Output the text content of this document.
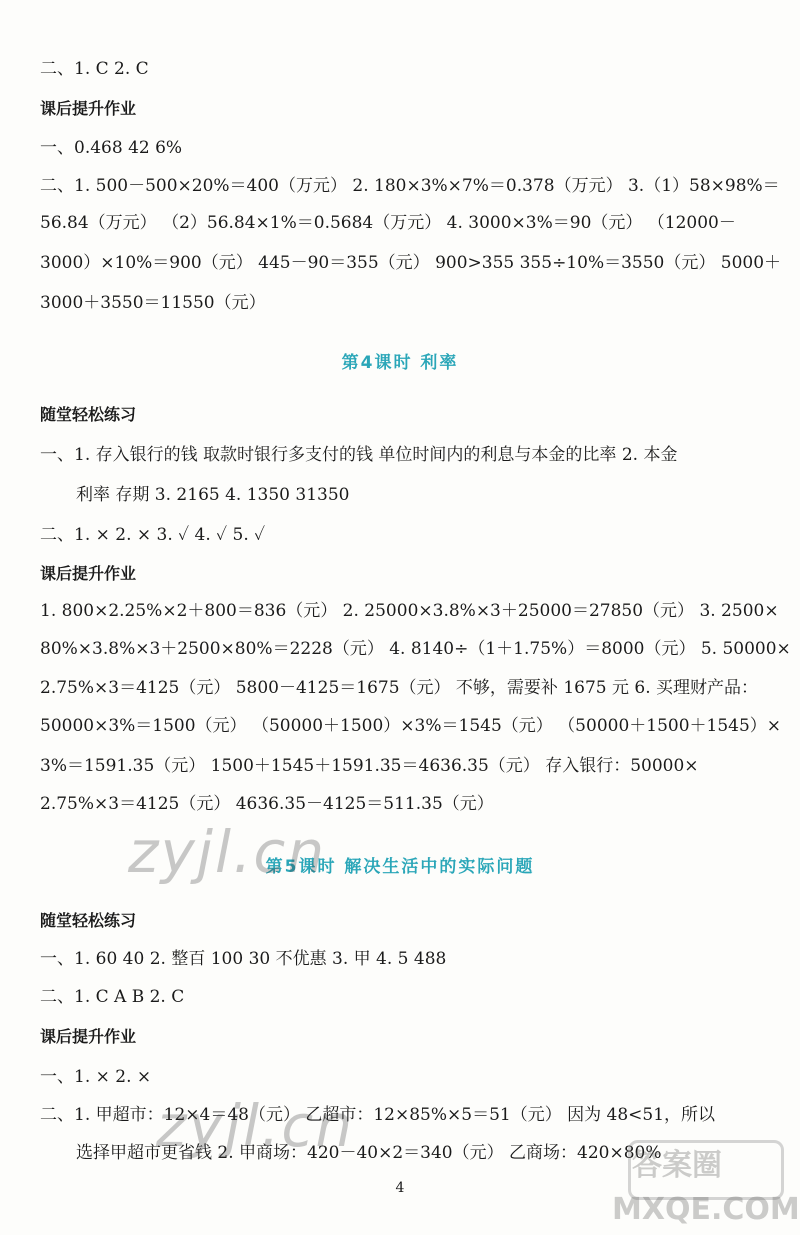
二、1. C 2. C
课后提升作业
一、0.468 42 6%
二、1. 500－500×20%＝400（万元） 2. 180×3%×7%＝0.378（万元） 3.（1）58×98%＝
56.84（万元） （2）56.84×1%＝0.5684（万元） 4. 3000×3%＝90（元） （12000－
3000）×10%＝900（元） 445－90＝355（元） 900>355 355÷10%＝3550（元） 5000＋
3000＋3550＝11550（元）
第4课时 利率
随堂轻松练习
一、1. 存入银行的钱 取款时银行多支付的钱 单位时间内的利息与本金的比率 2. 本金
利率 存期 3. 2165 4. 1350 31350
二、1. × 2. × 3. ✓ 4. ✓ 5. ✓
课后提升作业
1. 800×2.25%×2＋800＝836（元） 2. 25000×3.8%×3＋25000＝27850（元） 3. 2500×
80%×3.8%×3＋2500×80%＝2228（元） 4. 8140÷（1＋1.75%）＝8000（元） 5. 50000×
2.75%×3＝4125（元） 5800－4125＝1675（元） 不够，需要补 1675 元 6. 买理财产品：
50000×3%＝1500（元） （50000＋1500）×3%＝1545（元） （50000＋1500＋1545）×
3%＝1591.35（元） 1500＋1545＋1591.35＝4636.35（元） 存入银行：50000×
2.75%×3＝4125（元） 4636.35－4125＝511.35（元）
第5课时 解决生活中的实际问题
随堂轻松练习
一、1. 60 40 2. 整百 100 30 不优惠 3. 甲 4. 5 488
二、1. C A B 2. C
课后提升作业
一、1. × 2. ×
二、1. 甲超市：12×4＝48（元） 乙超市：12×85%×5＝51（元） 因为 48<51，所以
选择甲超市更省钱 2. 甲商场：420－40×2＝340（元） 乙商场：420×80%
4
zyjl.cn
zyjl.cn
答案圈
MXQE.COM
